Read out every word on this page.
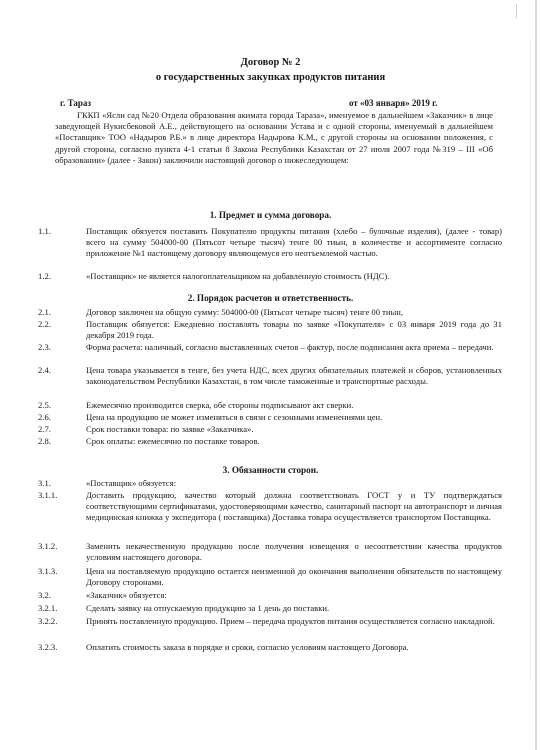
Договор № 2
о государственных закупках продуктов питания
г. Тараз	от «03 января» 2019 г.
ГККП «Ясли сад №20 Отдела образования акимата города Тараза», именуемое в дальнейшем «Заказчик» в лице заведующей Нукисбековой А.Е., действующего на основании Устава и с одной стороны, именуемый в дальнейшем «Поставщик» ТОО «Надыров Р.Б.» в лице директора Надырова К.М., с другой стороны на основании положения, с другой стороны, согласно пункта 4-1 статьи 8 Закона Республики Казахстан от 27 июля 2007 года №319 – III «Об образовании» (далее - Закон) заключили настоящий договор о нижеследующем:
1. Предмет и сумма договора.
1.1.	Поставщик обязуется поставить Покупателю продукты питания (хлебо – булочные изделия), (далее - товар) всего на сумму 504000-00 (Пятьсот четыре тысяч) тенге 00 тиын, в количестве и ассортименте согласно приложение №1 настоящему договору являющемуся его неотъемлемой частью.
1.2.	«Поставщик» не является налогоплательщиком на добавленную стоимость (НДС).
2. Порядок расчетов и ответственность.
2.1.	Договор заключен на общую сумму: 504000-00 (Пятьсот четыре тысяч) тенге 00 тиын,
2.2.	Поставщик обязуется: Ежедневно поставлять товары по заявке «Покупателя» с 03 января 2019 года до 31 декабря 2019 года.
2.3.	Форма расчета: наличный, согласно выставленных счетов – фактур, после подписания акта приема – передачи.
2.4.	Цена товара указывается в тенге, без учета НДС, всех других обязательных платежей и сборов, установленных законодательством Республики Казахстан, в том числе таможенные и транспортные расходы.
2.5.	Ежемесячно производится сверка, обе стороны подписывают акт сверки.
2.6.	Цена на продукцию не может изменяться в связи с сезонными изменениями цен.
2.7.	Срок поставки товара: по заявке «Заказчика».
2.8.	Срок оплаты: ежемесячно по поставке товаров.
3. Обязанности сторон.
3.1.	«Поставщик» обязуется:
3.1.1.	Доставить продукцию, качество который должна соответствовать ГОСТ у и ТУ подтверждаться соответствующими сертификатами, удостоверяющими качество, санитарный паспорт на автотранспорт и личная медицинская книжка у экспедитора ( поставщика) Доставка товара осуществляется транспортом Поставщика.
3.1.2.	Заменить некачественную продукцию после получения извещения о несоответствии качества продуктов условиям настоящего договора.
3.1.3.	Цена на поставляемую продукцию остается неизменной до окончания выполнения обязательств по настоящему Договору сторонами.
3.2.	«Заказчик» обязуется:
3.2.1.	Сделать заявку на отпускаемую продукцию за 1 день до поставки.
3.2.2.	Принять поставленную продукцию. Прием – передача продуктов питания осуществляется согласно накладной.
3.2.3.	Оплатить стоимость заказа в порядке и сроки, согласно условиям настоящего Договора.
